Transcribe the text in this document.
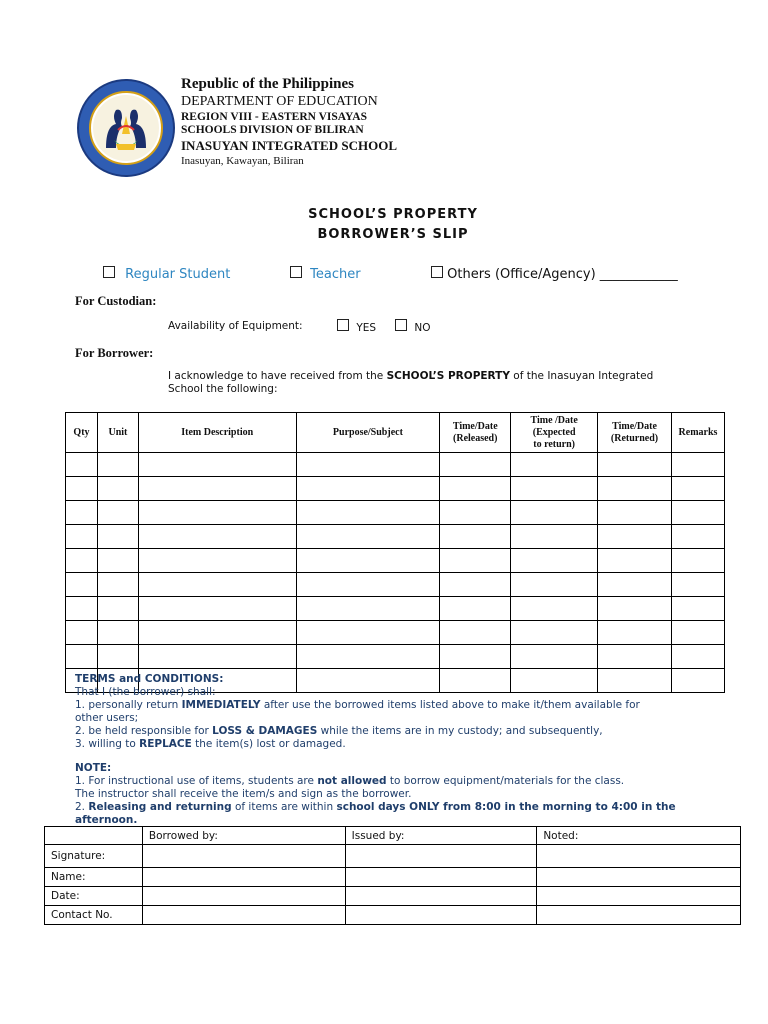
Republic of the Philippines
DEPARTMENT OF EDUCATION
REGION VIII - EASTERN VISAYAS
SCHOOLS DIVISION OF BILIRAN
INASUYAN INTEGRATED SCHOOL
Inasuyan, Kawayan, Biliran
SCHOOL’S PROPERTY
BORROWER’S SLIP
Regular Student	Teacher	Others (Office/Agency) ____________
For Custodian:
Availability of Equipment:	YES	NO
For Borrower:
I acknowledge to have received from the SCHOOL’S PROPERTY of the Inasuyan Integrated
School the following:
Qty	Unit	Item Description	Purpose/Subject	Time/Date
(Released)	Time /Date
(Expected
to return)	Time/Date
(Returned)	Remarks

TERMS and CONDITIONS:
That I (the borrower) shall:
1. personally return IMMEDIATELY after use the borrowed items listed above to make it/them available for
other users;
2. be held responsible for LOSS & DAMAGES while the items are in my custody; and subsequently,
3. willing to REPLACE the item(s) lost or damaged.
NOTE:
1. For instructional use of items, students are not allowed to borrow equipment/materials for the class.
The instructor shall receive the item/s and sign as the borrower.
2. Releasing and returning of items are within school days ONLY from 8:00 in the morning to 4:00 in the
afternoon.
	Borrowed by:	Issued by:	Noted:
Signature:			
Name:			
Date:			
Contact No.			
